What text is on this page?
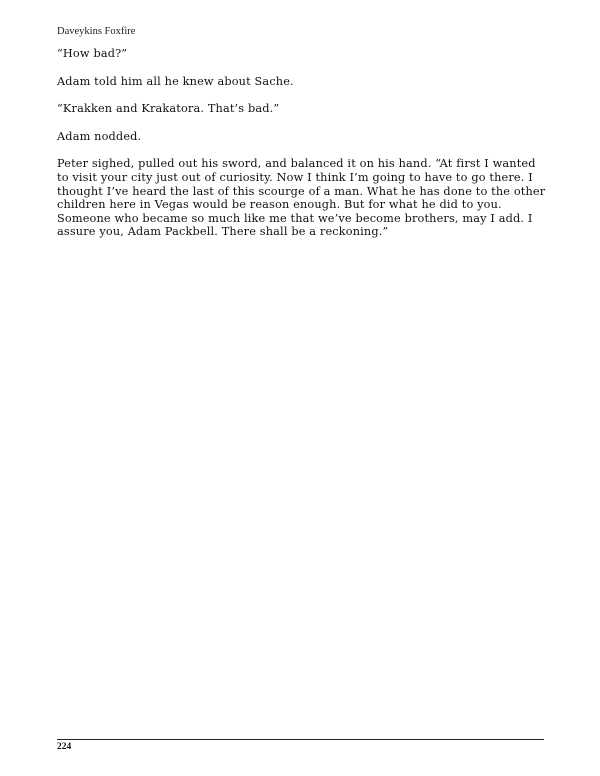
Daveykins Foxfire

“How bad?”

Adam told him all he knew about Sache.

“Krakken and Krakatora. That’s bad.”

Adam nodded.

Peter sighed, pulled out his sword, and balanced it on his hand. “At first I wanted to visit your city just out of curiosity. Now I think I’m going to have to go there. I thought I’ve heard the last of this scourge of a man. What he has done to the other children here in Vegas would be reason enough. But for what he did to you. Someone who became so much like me that we’ve become brothers, may I add. I assure you, Adam Packbell. There shall be a reckoning.”

224
